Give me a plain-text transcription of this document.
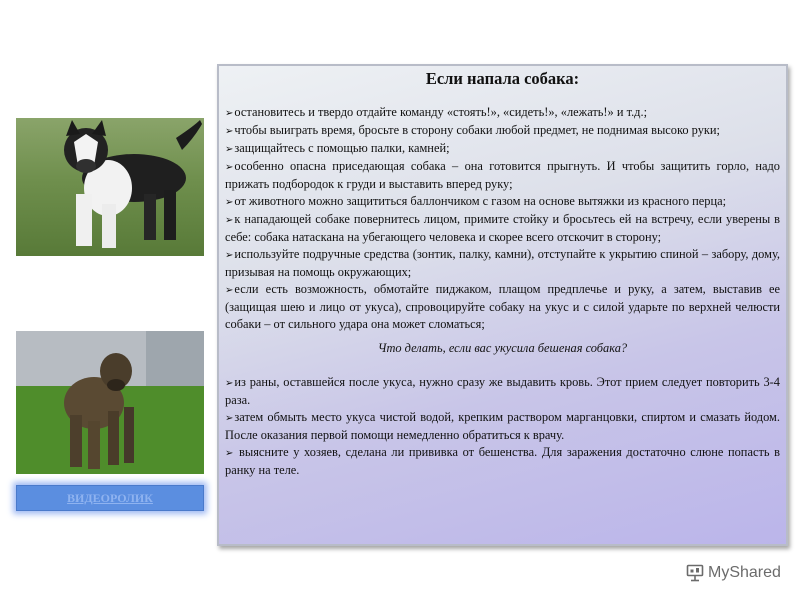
ВИДЕОРОЛИК
Если напала собака:

➢остановитесь и твердо отдайте команду «стоять!», «сидеть!», «лежать!» и т.д.;

➢чтобы выиграть время, бросьте в сторону собаки любой предмет, не поднимая высоко руки;

➢защищайтесь с помощью палки, камней;

➢особенно опасна приседающая собака – она готовится прыгнуть. И чтобы защитить горло, надо прижать подбородок к груди и выставить вперед руку;

➢от животного можно защититься баллончиком с газом на основе вытяжки из красного перца;

➢к нападающей собаке повернитесь лицом, примите стойку и бросьтесь ей на встречу, если уверены в себе: собака натаскана на убегающего человека и скорее всего отскочит в сторону;

➢используйте подручные средства (зонтик, палку, камни), отступайте к укрытию спиной – забору, дому, призывая на помощь окружающих;

➢если есть возможность, обмотайте пиджаком, плащом предплечье и руку, а затем, выставив ее (защищая шею и лицо от укуса), спровоцируйте собаку на укус и с силой ударьте по верхней челюсти собаки – от сильного удара она может сломаться;

Что делать, если вас укусила бешеная собака?

➢из раны, оставшейся после укуса, нужно сразу же выдавить кровь. Этот прием следует повторить 3-4 раза.

➢затем обмыть место укуса чистой водой, крепким раствором марганцовки, спиртом и смазать йодом. После оказания первой помощи немедленно обратиться к врачу.

➢ выясните у хозяев, сделана ли прививка от бешенства. Для заражения достаточно слюне попасть в ранку на теле.

MyShared
